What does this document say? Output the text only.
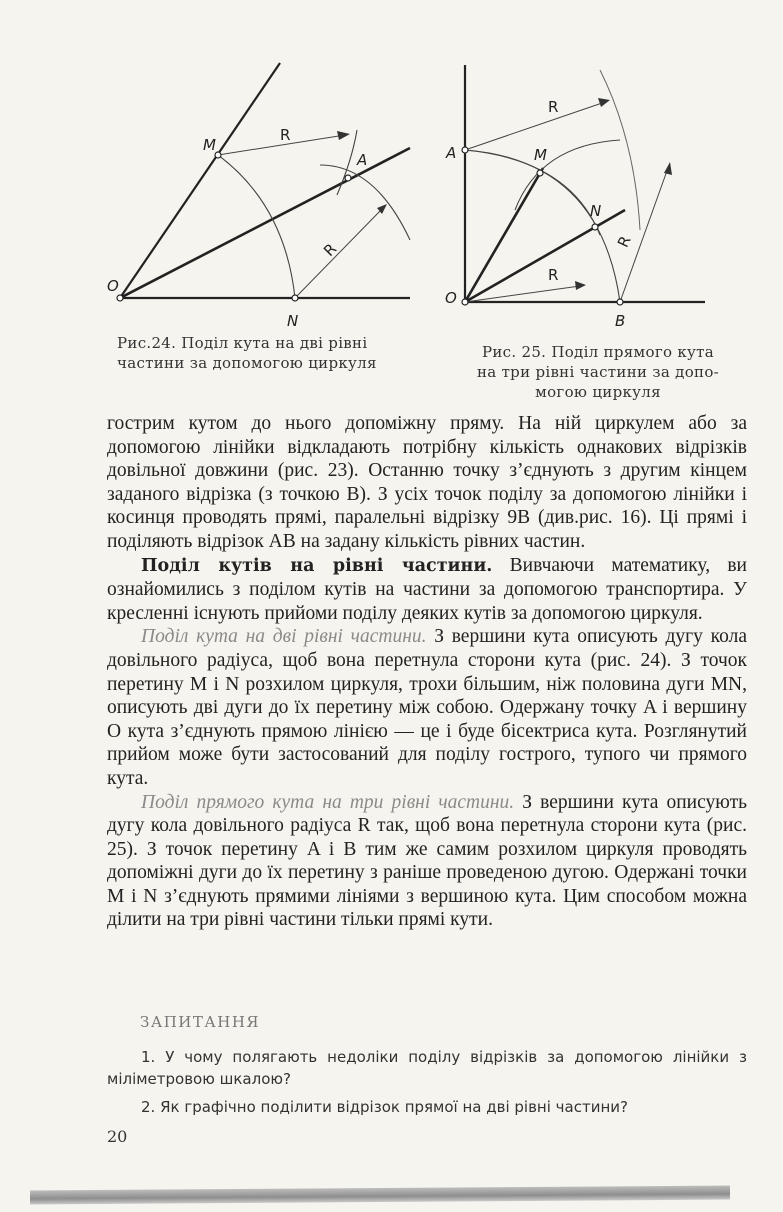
O
M
N
A
R
R
Рис.24. Поділ кута на дві рівні
частини за допомогою циркуля
O
A	M
N
B
R
R
R
Рис. 25. Поділ прямого кута
на три рівні частини за допо-
могою циркуля

гострим кутом до нього допоміжну пряму. На ній циркулем або за допомогою лінійки відкладають потрібну кількість однакових відрізків довільної довжини (рис. 23). Останню точку з’єднують з другим кінцем заданого відрізка (з точкою B). З усіх точок поділу за допомогою лінійки і косинця проводять прямі, паралельні відрізку 9B (див.рис. 16). Ці прямі і поділяють відрізок AB на задану кількість рівних частин.

Поділ кутів на рівні частини. Вивчаючи математику, ви ознайомились з поділом кутів на частини за допомогою транспортира. У кресленні існують прийоми поділу деяких кутів за допомогою циркуля.

Поділ кута на дві рівні частини. З вершини кута описують дугу кола довільного радіуса, щоб вона перетнула сторони кута (рис. 24). З точок перетину M і N розхилом циркуля, трохи більшим, ніж половина дуги MN, описують дві дуги до їх перетину між собою. Одержану точку A і вершину O кута з’єднують прямою лінією — це і буде бісектриса кута. Розглянутий прийом може бути застосований для поділу гострого, тупого чи прямого кута.

Поділ прямого кута на три рівні частини. З вершини кута описують дугу кола довільного радіуса R так, щоб вона перетнула сторони кута (рис. 25). З точок перетину A і B тим же самим розхилом циркуля проводять допоміжні дуги до їх перетину з раніше проведеною дугою. Одержані точки M і N з’єднують прямими лініями з вершиною кута. Цим способом можна ділити на три рівні частини тільки прямі кути.

ЗАПИТАННЯ

1. У чому полягають недоліки поділу відрізків за допомогою лінійки з міліметровою шкалою?

2. Як графічно поділити відрізок прямої на дві рівні частини?

20
